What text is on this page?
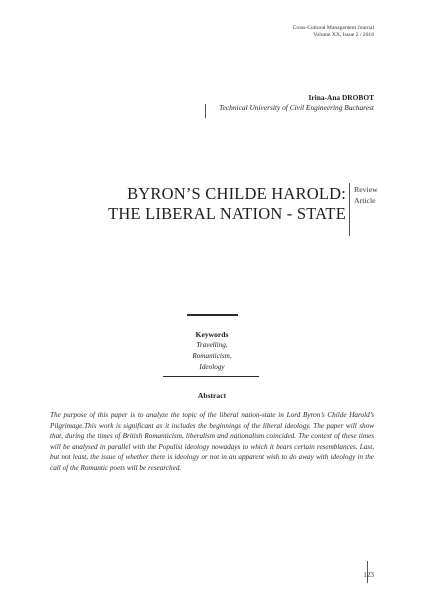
Cross-Cultural Management Journal
Volume XX, Issue 2 / 2018
Irina-Ana DROBOT
Technical University of Civil Engineering Bucharest
BYRON’S CHILDE HAROLD:
THE LIBERAL NATION - STATE
Review
Article
Keywords
Travelling,
Romanticism,
Ideology
Abstract
The purpose of this paper is to analyze the topic of the liberal nation-state in Lord Byron’s Childe Harold’s Pilgrimage.This work is significant as it includes the beginnings of the liberal ideology. The paper will show that, during the times of British Romanticism, liberalism and nationalism coincided. The context of these times will be analysed in parallel with the Populist ideology nowadays to which it bears certain resemblances. Last, but not least, the issue of whether there is ideology or not in an apparent wish to do away with ideology in the call of the Romantic poets will be researched.
123
